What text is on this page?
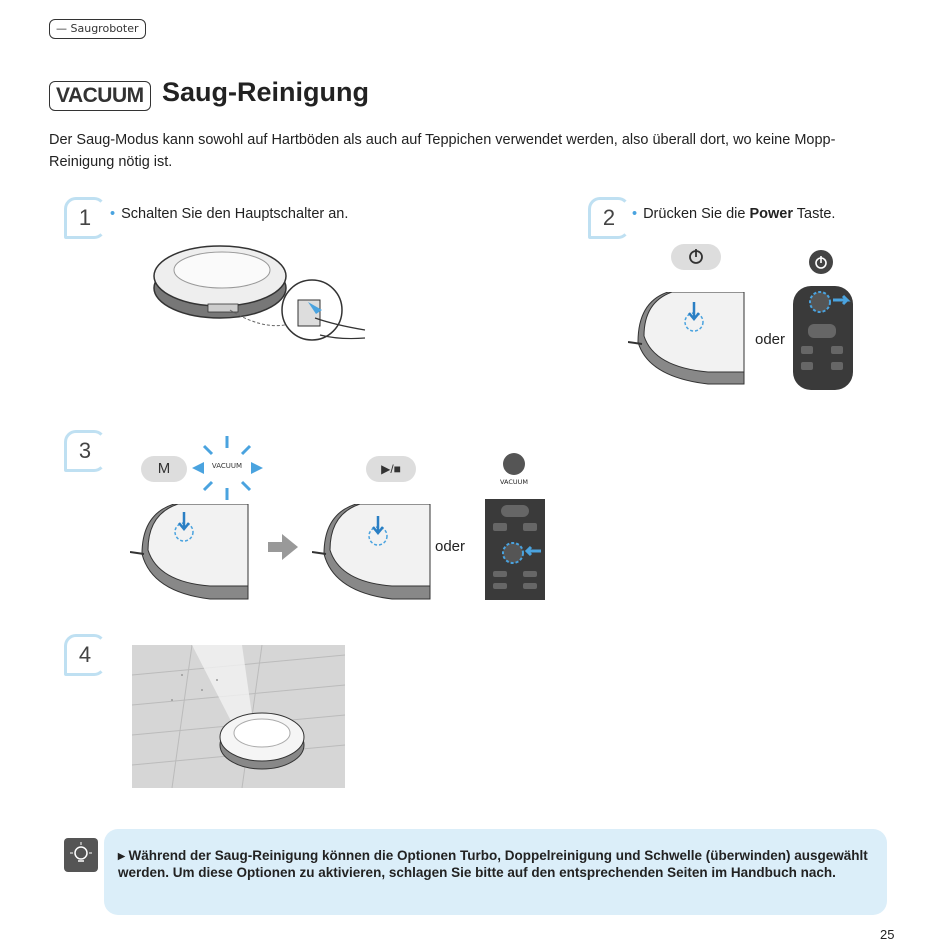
— Saugroboter
VACUUM Saug-Reinigung
Der Saug-Modus kann sowohl auf Hartböden als auch auf Teppichen verwendet werden, also überall dort, wo keine Mopp-Reinigung nötig ist.
1	• Schalten Sie den Hauptschalter an.	2	• Drücken Sie die Power Taste.
oder
3
M	VACUUM	▶/■
oder
VACUUM
4
▸ Während der Saug-Reinigung können die Optionen Turbo, Doppelreinigung und Schwelle (überwinden) ausgewählt werden. Um diese Optionen zu aktivieren, schlagen Sie bitte auf den entsprechenden Seiten im Handbuch nach.
25
